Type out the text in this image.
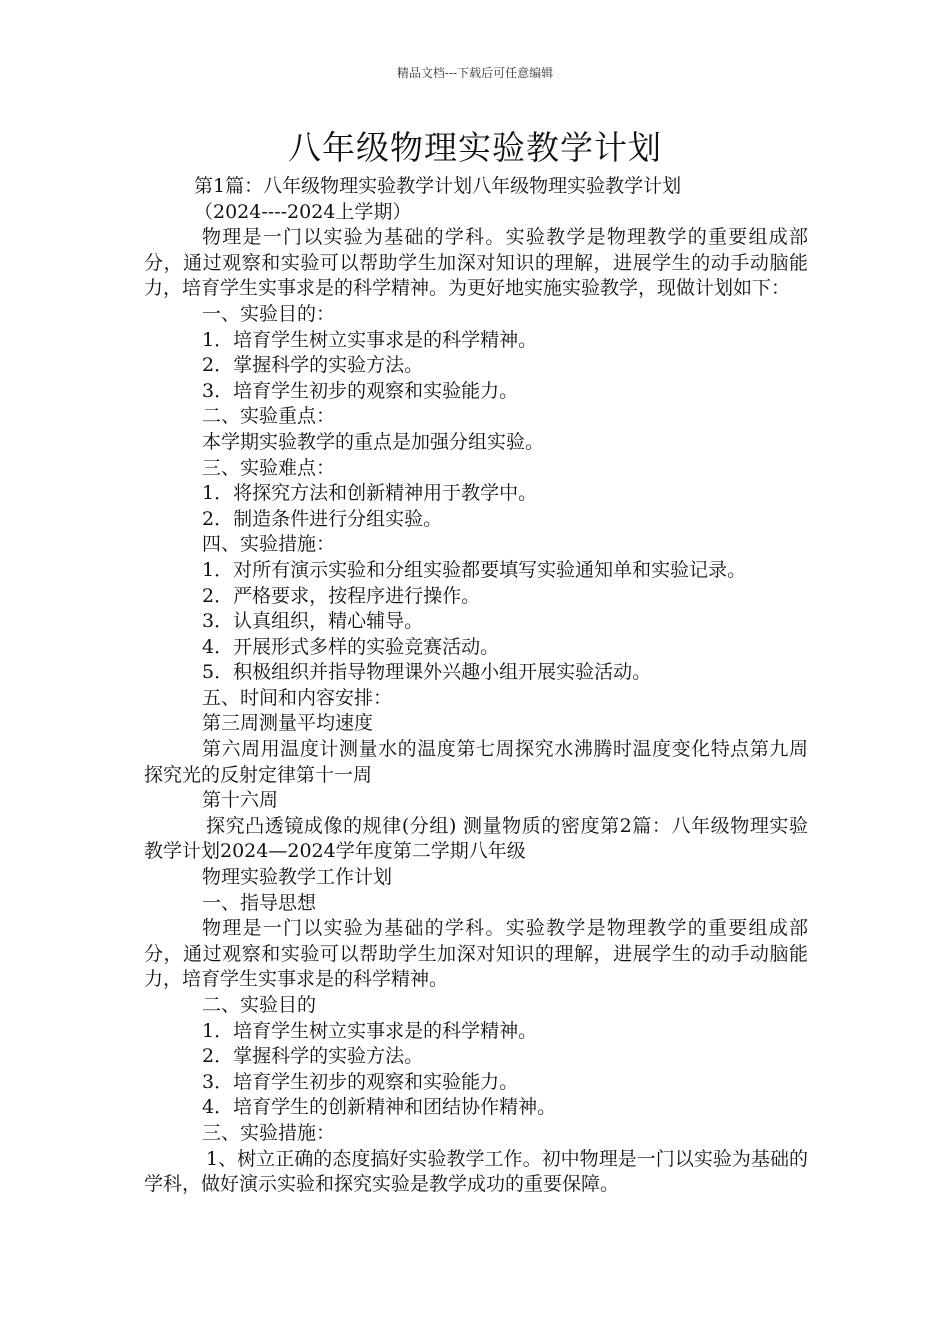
精品文档---下载后可任意编辑
八年级物理实验教学计划

第1篇：八年级物理实验教学计划八年级物理实验教学计划

（2024----2024上学期）

物理是一门以实验为基础的学科。实验教学是物理教学的重要组成部分，通过观察和实验可以帮助学生加深对知识的理解，进展学生的动手动脑能力，培育学生实事求是的科学精神。为更好地实施实验教学，现做计划如下：

一、实验目的：

1．培育学生树立实事求是的科学精神。

2．掌握科学的实验方法。

3．培育学生初步的观察和实验能力。

二、实验重点：

本学期实验教学的重点是加强分组实验。

三、实验难点：

1．将探究方法和创新精神用于教学中。

2．制造条件进行分组实验。

四、实验措施：

1．对所有演示实验和分组实验都要填写实验通知单和实验记录。

2．严格要求，按程序进行操作。

3．认真组织，精心辅导。

4．开展形式多样的实验竞赛活动。

5．积极组织并指导物理课外兴趣小组开展实验活动。

五、时间和内容安排：

第三周测量平均速度

第六周用温度计测量水的温度第七周探究水沸腾时温度变化特点第九周探究光的反射定律第十一周

第十六周

探究凸透镜成像的规律(分组) 测量物质的密度第2篇：八年级物理实验教学计划2024—2024学年度第二学期八年级

物理实验教学工作计划

一、指导思想

物理是一门以实验为基础的学科。实验教学是物理教学的重要组成部分，通过观察和实验可以帮助学生加深对知识的理解，进展学生的动手动脑能力，培育学生实事求是的科学精神。

二、实验目的

1．培育学生树立实事求是的科学精神。

2．掌握科学的实验方法。

3．培育学生初步的观察和实验能力。

4．培育学生的创新精神和团结协作精神。

三、实验措施：

1、树立正确的态度搞好实验教学工作。初中物理是一门以实验为基础的学科，做好演示实验和探究实验是教学成功的重要保障。
